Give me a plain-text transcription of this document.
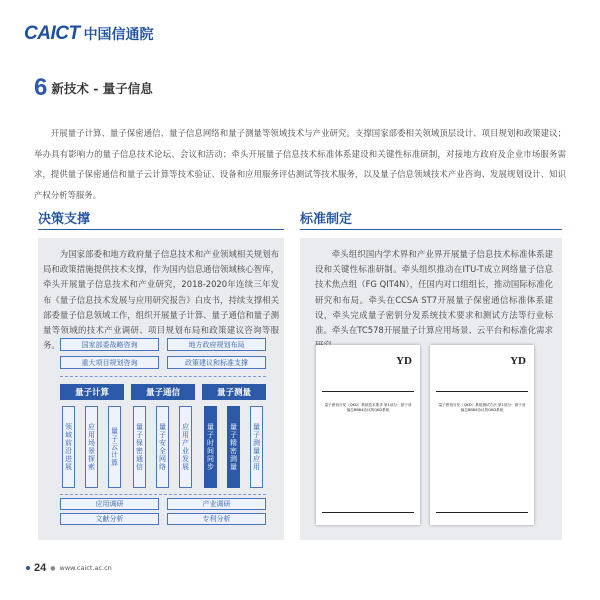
CAICT 中国信通院
6 新技术 - 量子信息

开展量子计算、量子保密通信、量子信息网络和量子测量等领域技术与产业研究。支撑国家部委相关领域顶层设计、项目规划和政策建议；举办具有影响力的量子信息技术论坛、会议和活动；牵头开展量子信息技术标准体系建设和关键性标准研制，对接地方政府及企业市场服务需求，提供量子保密通信和量子云计算等技术验证、设备和应用服务评估测试等技术服务，以及量子信息领域技术产业咨询、发展规划设计、知识产权分析等服务。

决策支撑	标准制定

为国家部委和地方政府量子信息技术和产业领域相关规划布局和政策措施提供技术支撑，作为国内信息通信领域核心智库，牵头开展量子信息技术和产业研究，2018-2020年连续三年发布《量子信息技术发展与应用研究报告》白皮书，持续支撑相关部委量子信息领域工作，组织开展量子计算、量子通信和量子测量等领域的技术产业调研、项目规划布局和政策建议咨询等服务。	国家部委战略咨询	地方政府规划布局
重大项目规划咨询	政策建议和标准支撑
量子计算	量子通信	量子测量
领域前沿进展
应用场景探索
量子云计算
量子保密通信
量子安全网络
应用产业发展
量子时间同步
量子精密测量
量子测量应用
应用调研	产业调研
文献分析	专利分析

牵头组织国内学术界和产业界开展量子信息技术标准体系建设和关键性标准研制。牵头组织推动在ITU-T成立网络量子信息技术焦点组（FG QIT4N），任国内对口组组长，推动国际标准化研究和布局。牵头在CCSA ST7开展量子保密通信标准体系建设，牵头完成量子密钥分发系统技术要求和测试方法等行业标准。牵头在TC578开展量子计算应用场景、云平台和标准化需求

YD
量子密钥分发（QKD）系统技术要求 第1部分：基于诱骗态BB84协议的QKD系统
YD
量子密钥分发（QKD）系统测试方法 第1部分：基于诱骗态BB84协议的QKD系统
24 ● www.caict.ac.cn
